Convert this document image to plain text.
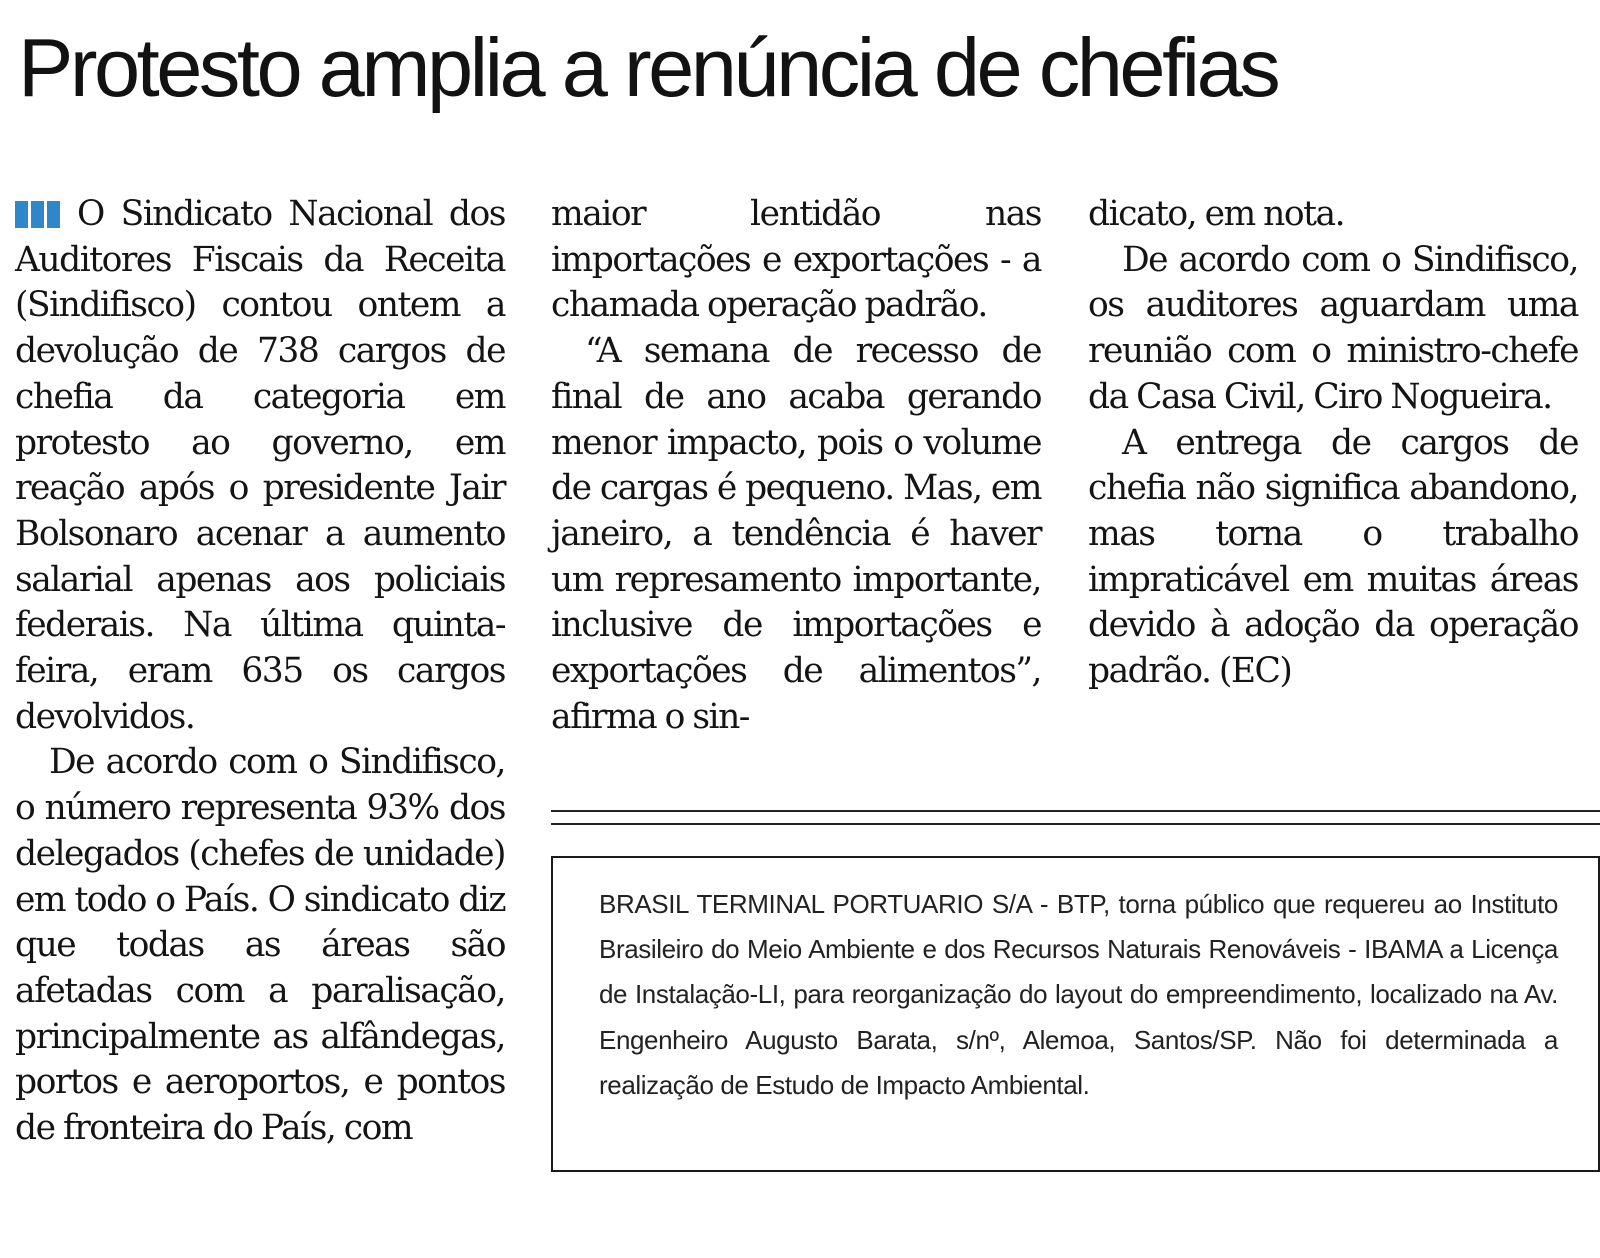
Protesto amplia a renúncia de chefias

O Sindicato Nacional dos Auditores Fiscais da Receita (Sindifisco) contou ontem a devolução de 738 cargos de chefia da categoria em protesto ao governo, em reação após o presidente Jair Bolsonaro acenar a aumento salarial apenas aos policiais federais. Na última quinta-feira, eram 635 os cargos devolvidos.

De acordo com o Sindifisco, o número representa 93% dos delegados (chefes de unidade) em todo o País. O sindicato diz que todas as áreas são afetadas com a paralisação, principalmente as alfândegas, portos e aeroportos, e pontos de fronteira do País, com

maior lentidão nas importações e exportações - a chamada operação padrão.

“A semana de recesso de final de ano acaba gerando menor impacto, pois o volume de cargas é pequeno. Mas, em janeiro, a tendência é haver um represamento importante, inclusive de importações e exportações de alimentos”, afirma o sin-

dicato, em nota.

De acordo com o Sindifisco, os auditores aguardam uma reunião com o ministro-chefe da Casa Civil, Ciro Nogueira.

A entrega de cargos de chefia não significa abandono, mas torna o trabalho impraticável em muitas áreas devido à adoção da operação padrão. (EC)

BRASIL TERMINAL PORTUARIO S/A - BTP, torna público que requereu ao Instituto Brasileiro do Meio Ambiente e dos Recursos Naturais Renováveis - IBAMA a Licença de Instalação-LI, para reorganização do layout do empreendimento, localizado na Av. Engenheiro Augusto Barata, s/nº, Alemoa, Santos/SP. Não foi determinada a realização de Estudo de Impacto Ambiental.
